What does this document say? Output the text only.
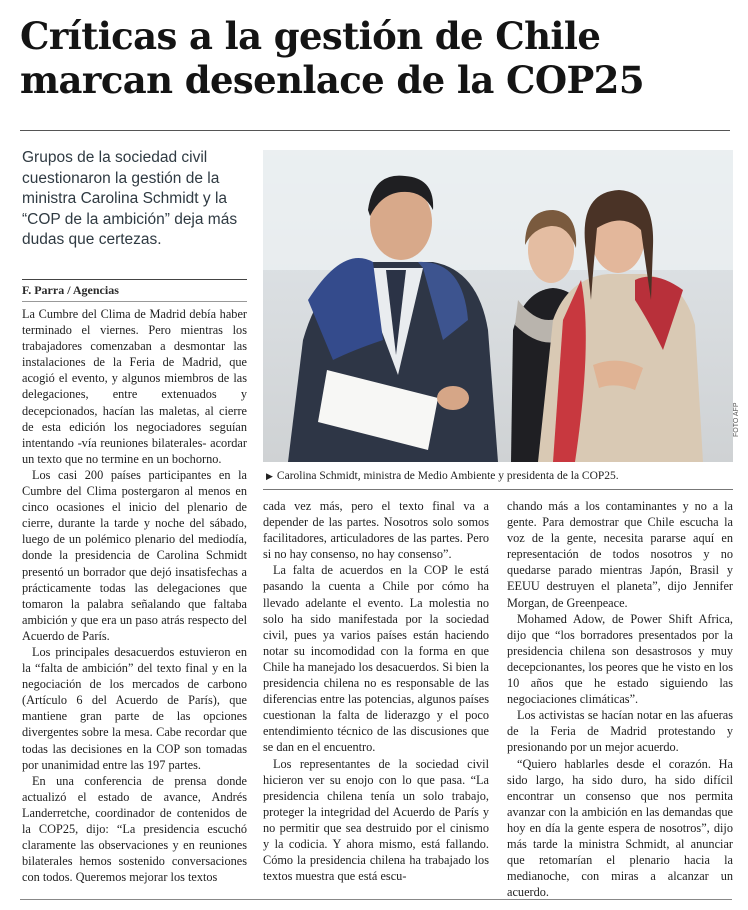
Críticas a la gestión de Chile marcan desenlace de la COP25

Grupos de la sociedad civil cuestionaron la gestión de la ministra Carolina Schmidt y la “COP de la ambición” deja más dudas que certezas.

F. Parra / Agencias
FOTO AFP
▶ Carolina Schmidt, ministra de Medio Ambiente y presidenta de la COP25.

La Cumbre del Clima de Madrid debía haber terminado el viernes. Pero mientras los trabajadores comenzaban a desmontar las instalaciones de la Feria de Madrid, que acogió el evento, y algunos miembros de las delegaciones, entre extenuados y decepcionados, hacían las maletas, al cierre de esta edición los negociadores seguían intentando -vía reuniones bilaterales- acordar un texto que no termine en un bochorno.

Los casi 200 países participantes en la Cumbre del Clima postergaron al menos en cinco ocasiones el inicio del plenario de cierre, durante la tarde y noche del sábado, luego de un polémico plenario del mediodía, donde la presidencia de Carolina Schmidt presentó un borrador que dejó insatisfechas a prácticamente todas las delegaciones que tomaron la palabra señalando que faltaba ambición y que era un paso atrás respecto del Acuerdo de París.

Los principales desacuerdos estuvieron en la “falta de ambición” del texto final y en la negociación de los mercados de carbono (Artículo 6 del Acuerdo de París), que mantiene gran parte de las opciones divergentes sobre la mesa. Cabe recordar que todas las decisiones en la COP son tomadas por unanimidad entre las 197 partes.

En una conferencia de prensa donde actualizó el estado de avance, Andrés Landerretche, coordinador de contenidos de la COP25, dijo: “La presidencia escuchó claramente las observaciones y en reuniones bilaterales hemos sostenido conversaciones con todos. Queremos mejorar los textos

cada vez más, pero el texto final va a depender de las partes. Nosotros solo somos facilitadores, articuladores de las partes. Pero si no hay consenso, no hay consenso”.

La falta de acuerdos en la COP le está pasando la cuenta a Chile por cómo ha llevado adelante el evento. La molestia no solo ha sido manifestada por la sociedad civil, pues ya varios países están haciendo notar su incomodidad con la forma en que Chile ha manejado los desacuerdos. Si bien la presidencia chilena no es responsable de las diferencias entre las potencias, algunos países cuestionan la falta de liderazgo y el poco entendimiento técnico de las discusiones que se dan en el encuentro.

Los representantes de la sociedad civil hicieron ver su enojo con lo que pasa. “La presidencia chilena tenía un solo trabajo, proteger la integridad del Acuerdo de París y no permitir que sea destruido por el cinismo y la codicia. Y ahora mismo, está fallando. Cómo la presidencia chilena ha trabajado los textos muestra que está escu-

chando más a los contaminantes y no a la gente. Para demostrar que Chile escucha la voz de la gente, necesita pararse aquí en representación de todos nosotros y no quedarse parado mientras Japón, Brasil y EEUU destruyen el planeta”, dijo Jennifer Morgan, de Greenpeace.

Mohamed Adow, de Power Shift Africa, dijo que “los borradores presentados por la presidencia chilena son desastrosos y muy decepcionantes, los peores que he visto en los 10 años que he estado siguiendo las negociaciones climáticas”.

Los activistas se hacían notar en las afueras de la Feria de Madrid protestando y presionando por un mejor acuerdo.

“Quiero hablarles desde el corazón. Ha sido largo, ha sido duro, ha sido difícil encontrar un consenso que nos permita avanzar con la ambición en las demandas que hoy en día la gente espera de nosotros”, dijo más tarde la ministra Schmidt, al anunciar que retomarían el plenario hacia la medianoche, con miras a alcanzar un acuerdo.
